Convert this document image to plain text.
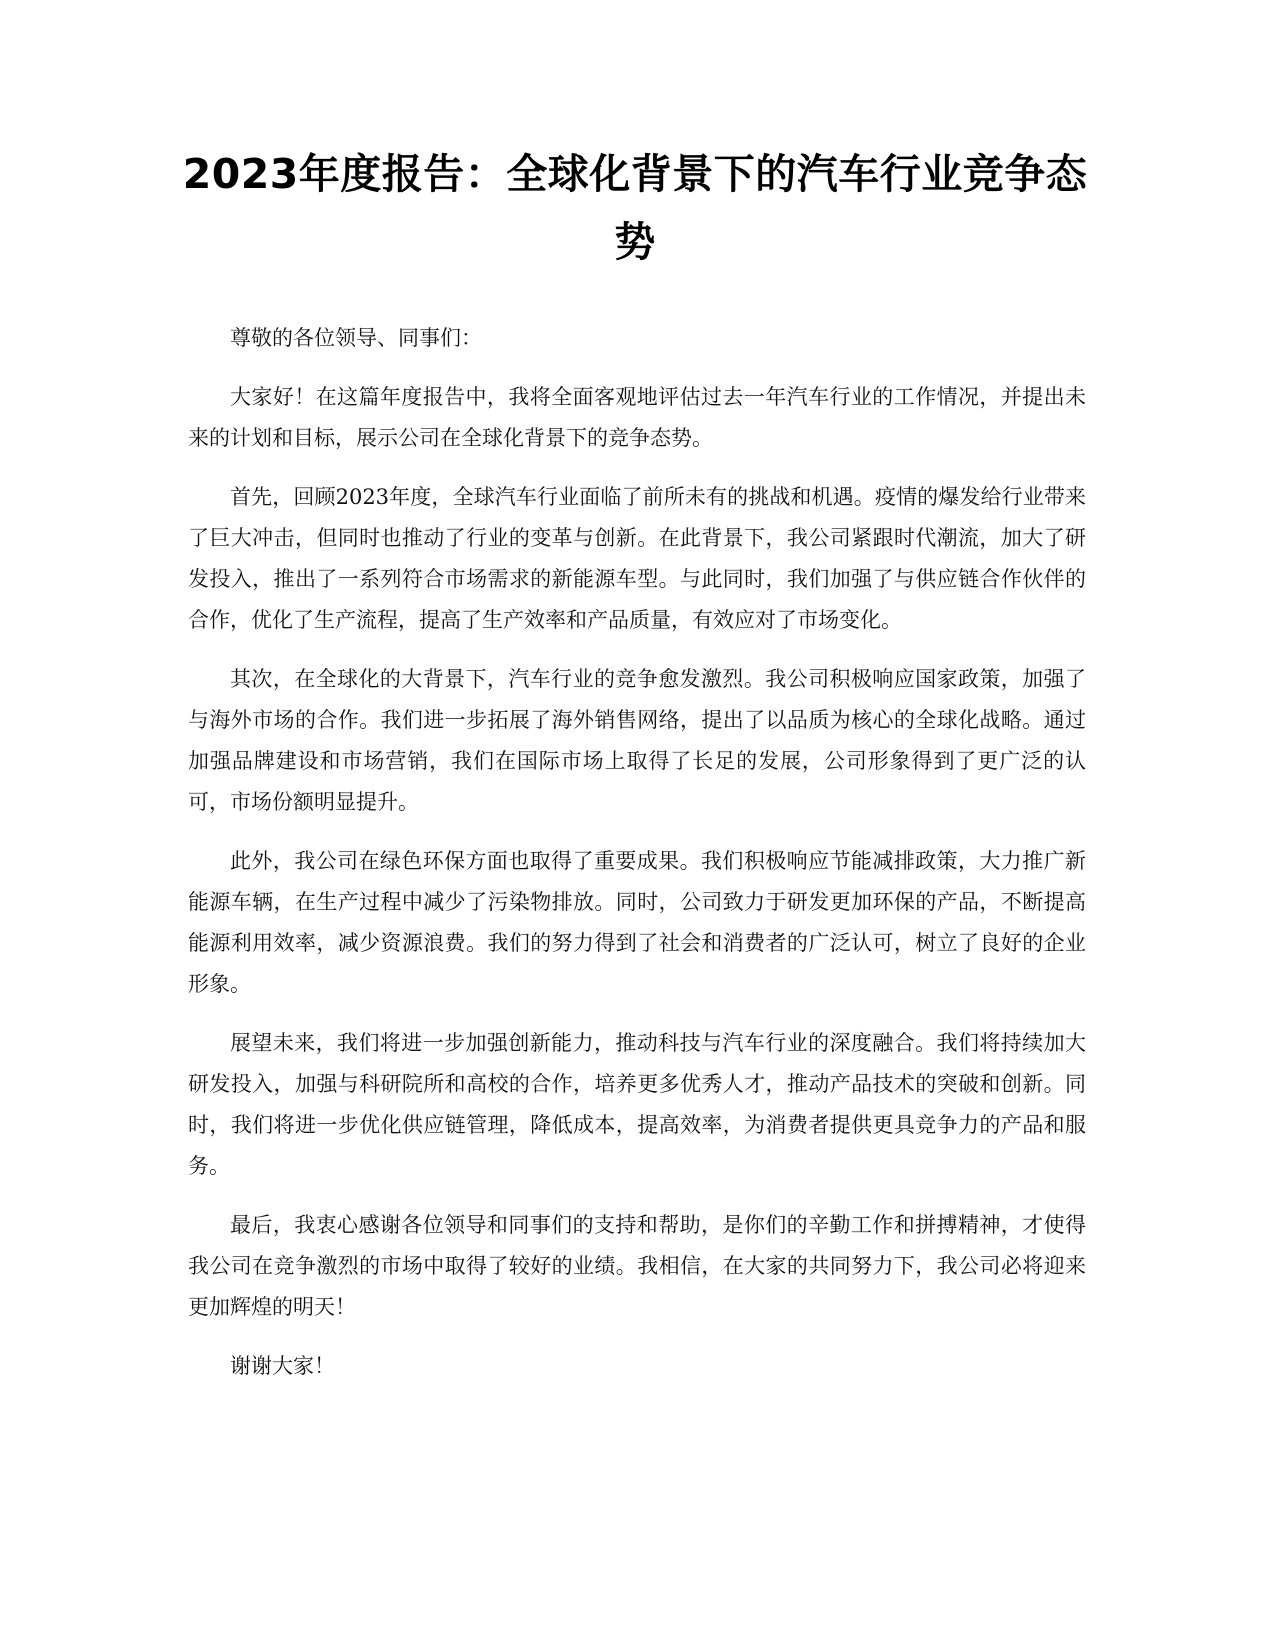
2023年度报告：全球化背景下的汽车行业竞争态势

尊敬的各位领导、同事们：

大家好！在这篇年度报告中，我将全面客观地评估过去一年汽车行业的工作情况，并提出未来的计划和目标，展示公司在全球化背景下的竞争态势。

首先，回顾2023年度，全球汽车行业面临了前所未有的挑战和机遇。疫情的爆发给行业带来了巨大冲击，但同时也推动了行业的变革与创新。在此背景下，我公司紧跟时代潮流，加大了研发投入，推出了一系列符合市场需求的新能源车型。与此同时，我们加强了与供应链合作伙伴的合作，优化了生产流程，提高了生产效率和产品质量，有效应对了市场变化。

其次，在全球化的大背景下，汽车行业的竞争愈发激烈。我公司积极响应国家政策，加强了与海外市场的合作。我们进一步拓展了海外销售网络，提出了以品质为核心的全球化战略。通过加强品牌建设和市场营销，我们在国际市场上取得了长足的发展，公司形象得到了更广泛的认可，市场份额明显提升。

此外，我公司在绿色环保方面也取得了重要成果。我们积极响应节能减排政策，大力推广新能源车辆，在生产过程中减少了污染物排放。同时，公司致力于研发更加环保的产品，不断提高能源利用效率，减少资源浪费。我们的努力得到了社会和消费者的广泛认可，树立了良好的企业形象。

展望未来，我们将进一步加强创新能力，推动科技与汽车行业的深度融合。我们将持续加大研发投入，加强与科研院所和高校的合作，培养更多优秀人才，推动产品技术的突破和创新。同时，我们将进一步优化供应链管理，降低成本，提高效率，为消费者提供更具竞争力的产品和服务。

最后，我衷心感谢各位领导和同事们的支持和帮助，是你们的辛勤工作和拼搏精神，才使得我公司在竞争激烈的市场中取得了较好的业绩。我相信，在大家的共同努力下，我公司必将迎来更加辉煌的明天！

谢谢大家！
